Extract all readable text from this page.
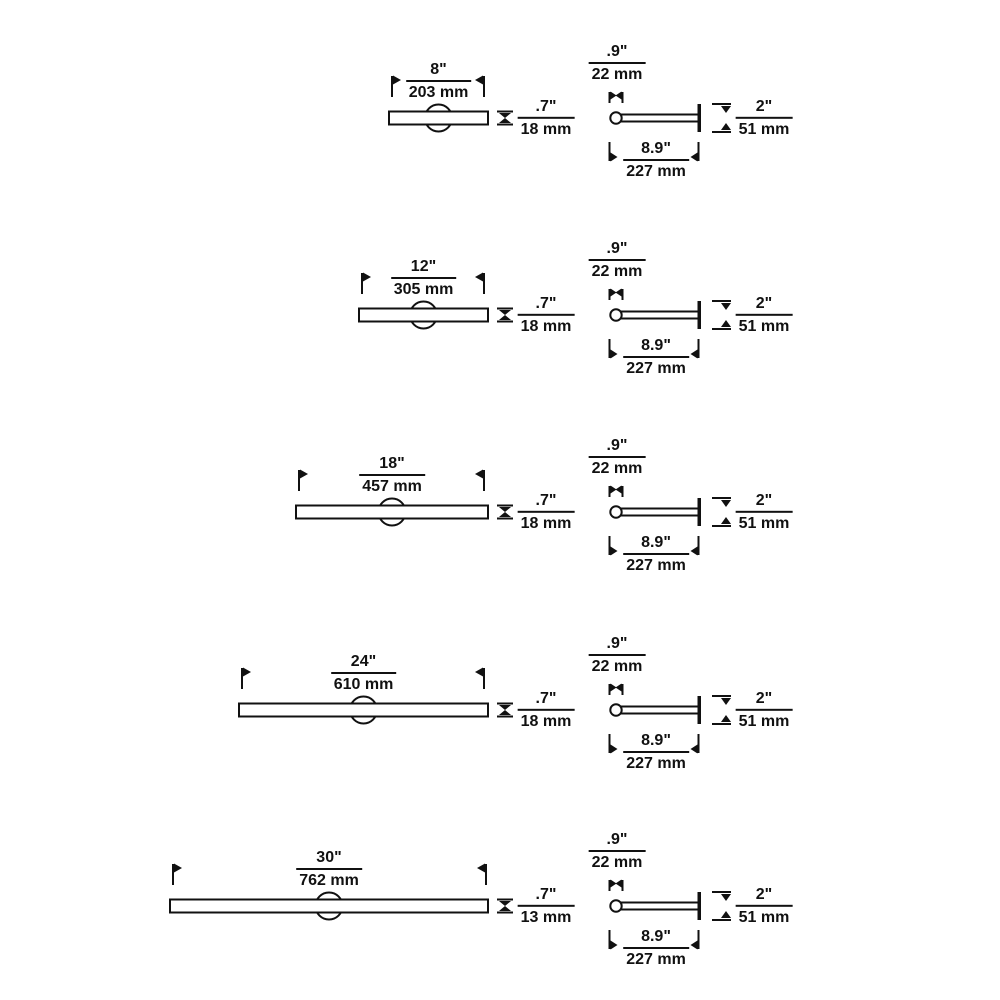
$\frac{8"}{203 mm}$
$\frac{.7"}{18 mm}$
$\frac{.9"}{22 mm}$
$\frac{2"}{51 mm}$
$\frac{8.9"}{227 mm}$
$\frac{12"}{305 mm}$
$\frac{.7"}{18 mm}$
$\frac{.9"}{22 mm}$
$\frac{2"}{51 mm}$
$\frac{8.9"}{227 mm}$
$\frac{18"}{457 mm}$
$\frac{.7"}{18 mm}$
$\frac{.9"}{22 mm}$
$\frac{2"}{51 mm}$
$\frac{8.9"}{227 mm}$
$\frac{24"}{610 mm}$
$\frac{.7"}{18 mm}$
$\frac{.9"}{22 mm}$
$\frac{2"}{51 mm}$
$\frac{8.9"}{227 mm}$
$\frac{30"}{762 mm}$
$\frac{.7"}{13 mm}$
$\frac{.9"}{22 mm}$
$\frac{2"}{51 mm}$
$\frac{8.9"}{227 mm}$
